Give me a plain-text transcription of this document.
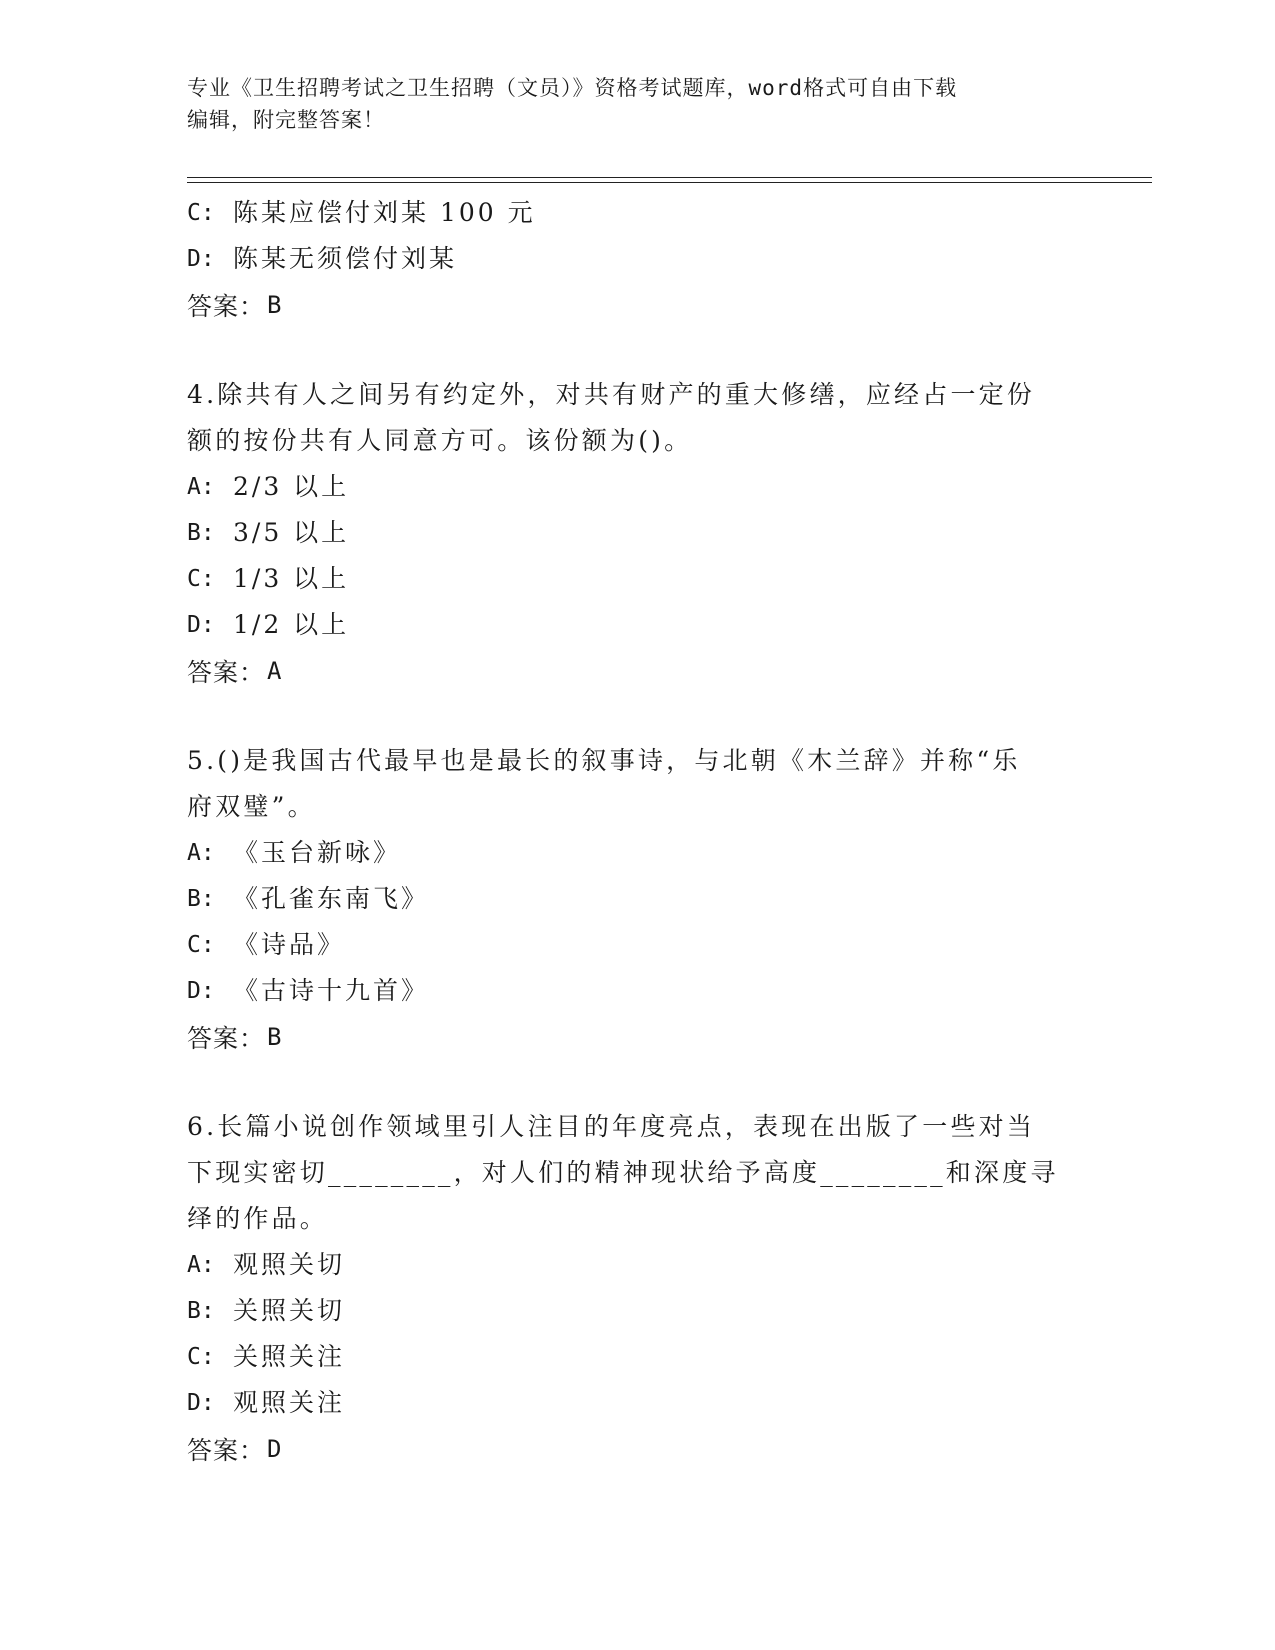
专业《卫生招聘考试之卫生招聘（文员）》资格考试题库，word格式可自由下载
编辑，附完整答案！
C: 陈某应偿付刘某 100 元
D: 陈某无须偿付刘某
答案： B
4.除共有人之间另有约定外，对共有财产的重大修缮，应经占一定份
额的按份共有人同意方可。该份额为()。
A: 2/3 以上
B: 3/5 以上
C: 1/3 以上
D: 1/2 以上
答案： A
5.()是我国古代最早也是最长的叙事诗，与北朝《木兰辞》并称“乐
府双璧”。
A: 《玉台新咏》
B: 《孔雀东南飞》
C: 《诗品》
D: 《古诗十九首》
答案： B
6.长篇小说创作领域里引人注目的年度亮点，表现在出版了一些对当
下现实密切________，对人们的精神现状给予高度________和深度寻
绎的作品。
A: 观照关切
B: 关照关切
C: 关照关注
D: 观照关注
答案： D
